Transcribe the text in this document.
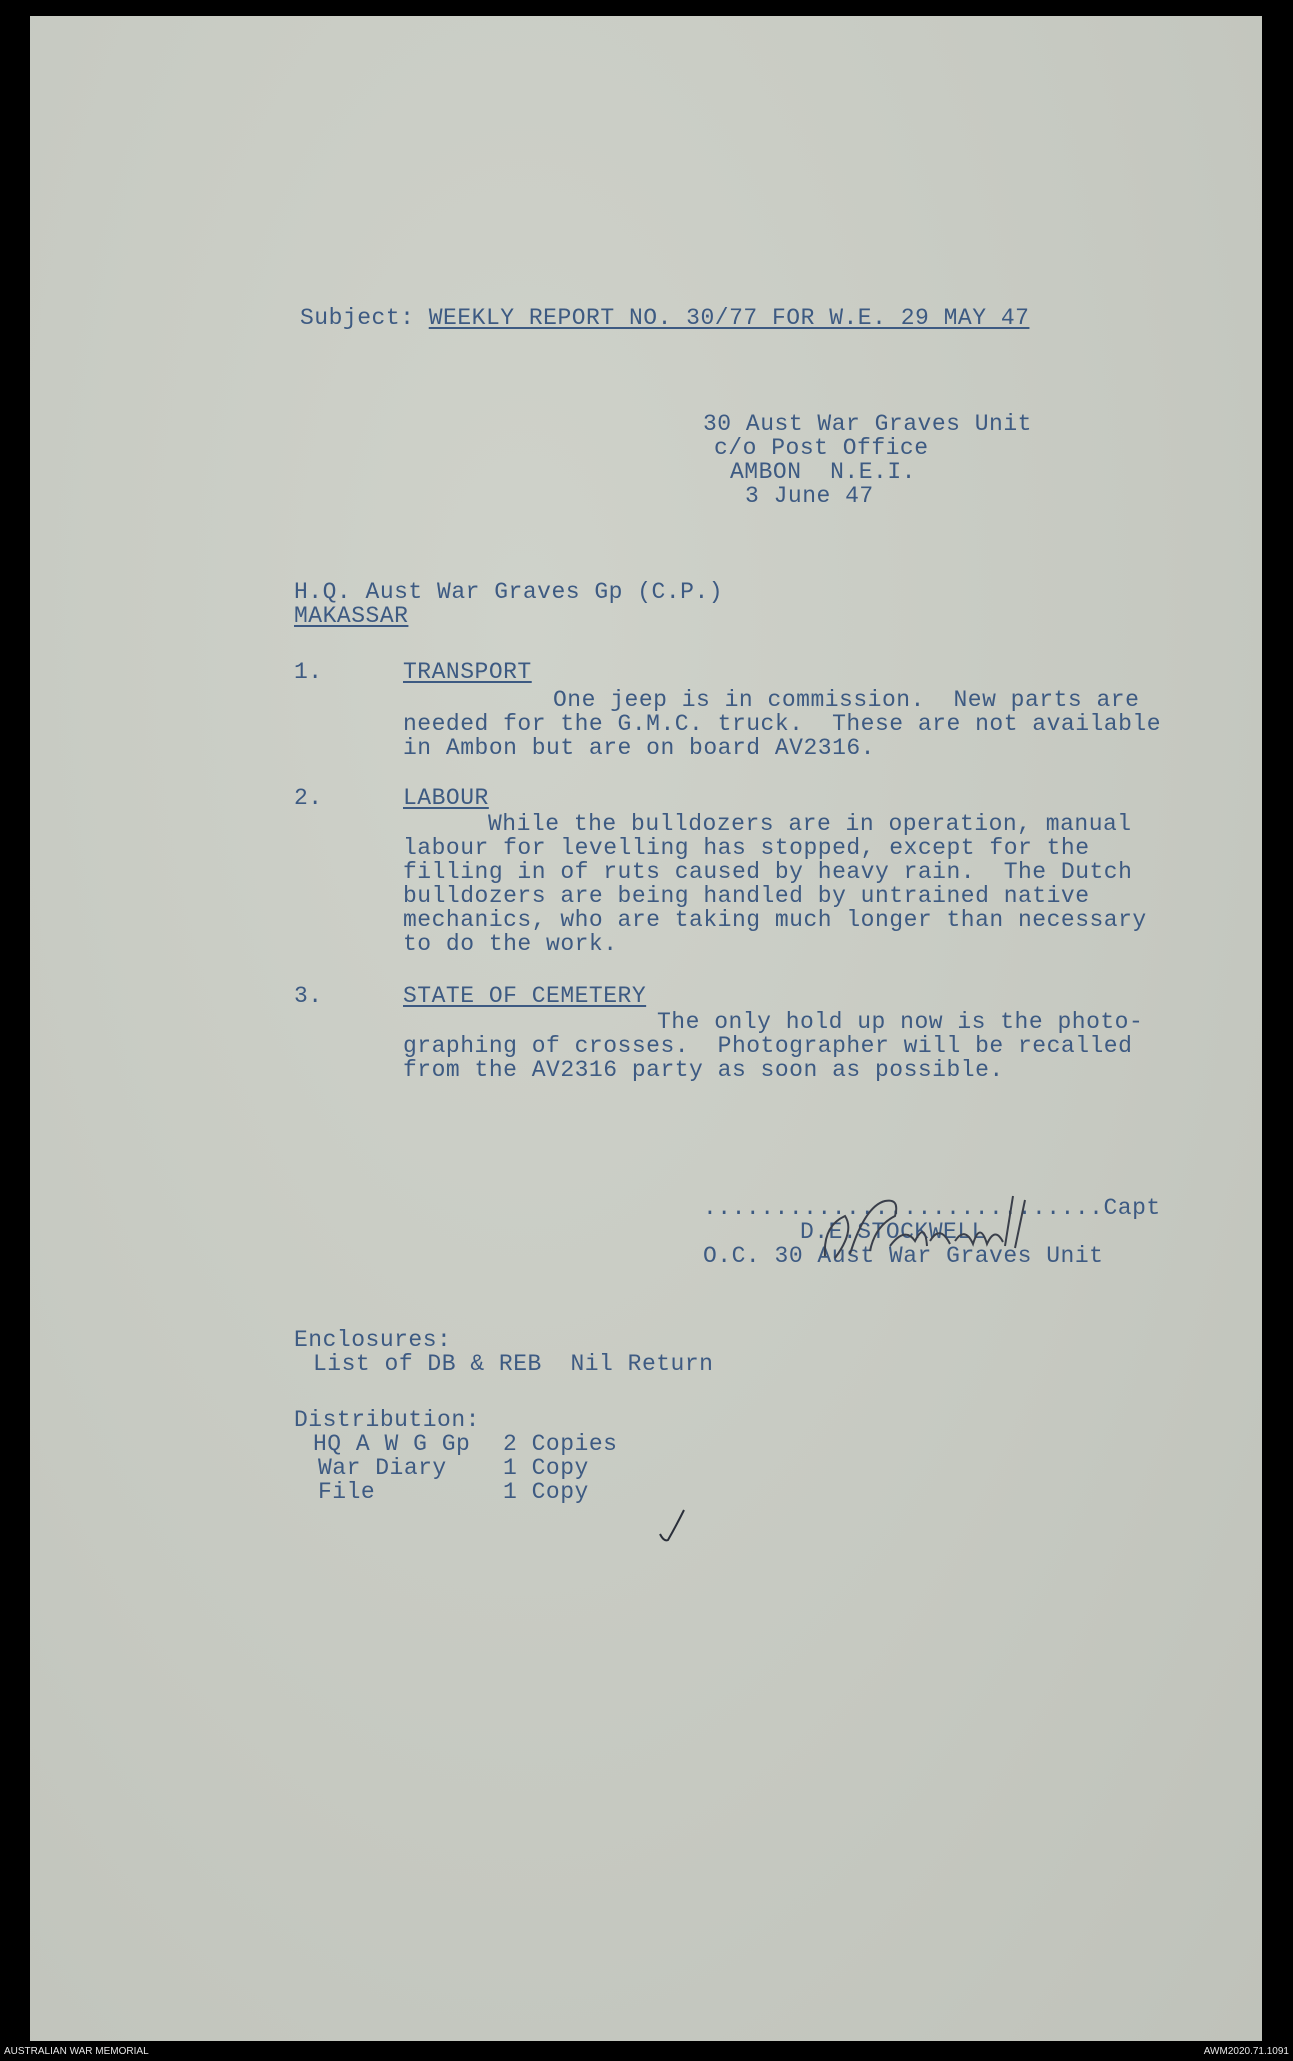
Subject: WEEKLY REPORT NO. 30/77 FOR W.E. 29 MAY 47
30 Aust War Graves Unit
c/o Post Office
AMBON  N.E.I.
3 June 47
H.Q. Aust War Graves Gp (C.P.)
MAKASSAR
1.	TRANSPORT
One jeep is in commission.  New parts are
needed for the G.M.C. truck.  These are not available
in Ambon but are on board AV2316.
2.	LABOUR
While the bulldozers are in operation, manual
labour for levelling has stopped, except for the
filling in of ruts caused by heavy rain.  The Dutch
bulldozers are being handled by untrained native
mechanics, who are taking much longer than necessary
to do the work.
3.	STATE OF CEMETERY
The only hold up now is the photo-
graphing of crosses.  Photographer will be recalled
from the AV2316 party as soon as possible.
............................Capt
D.E.STOCKWELL
O.C. 30 Aust War Graves Unit
Enclosures:
List of DB & REB  Nil Return
Distribution:
HQ A W G Gp 2 Copies
War Diary 1 Copy
File	1 Copy
AUSTRALIAN WAR MEMORIAL	AWM2020.71.1091
